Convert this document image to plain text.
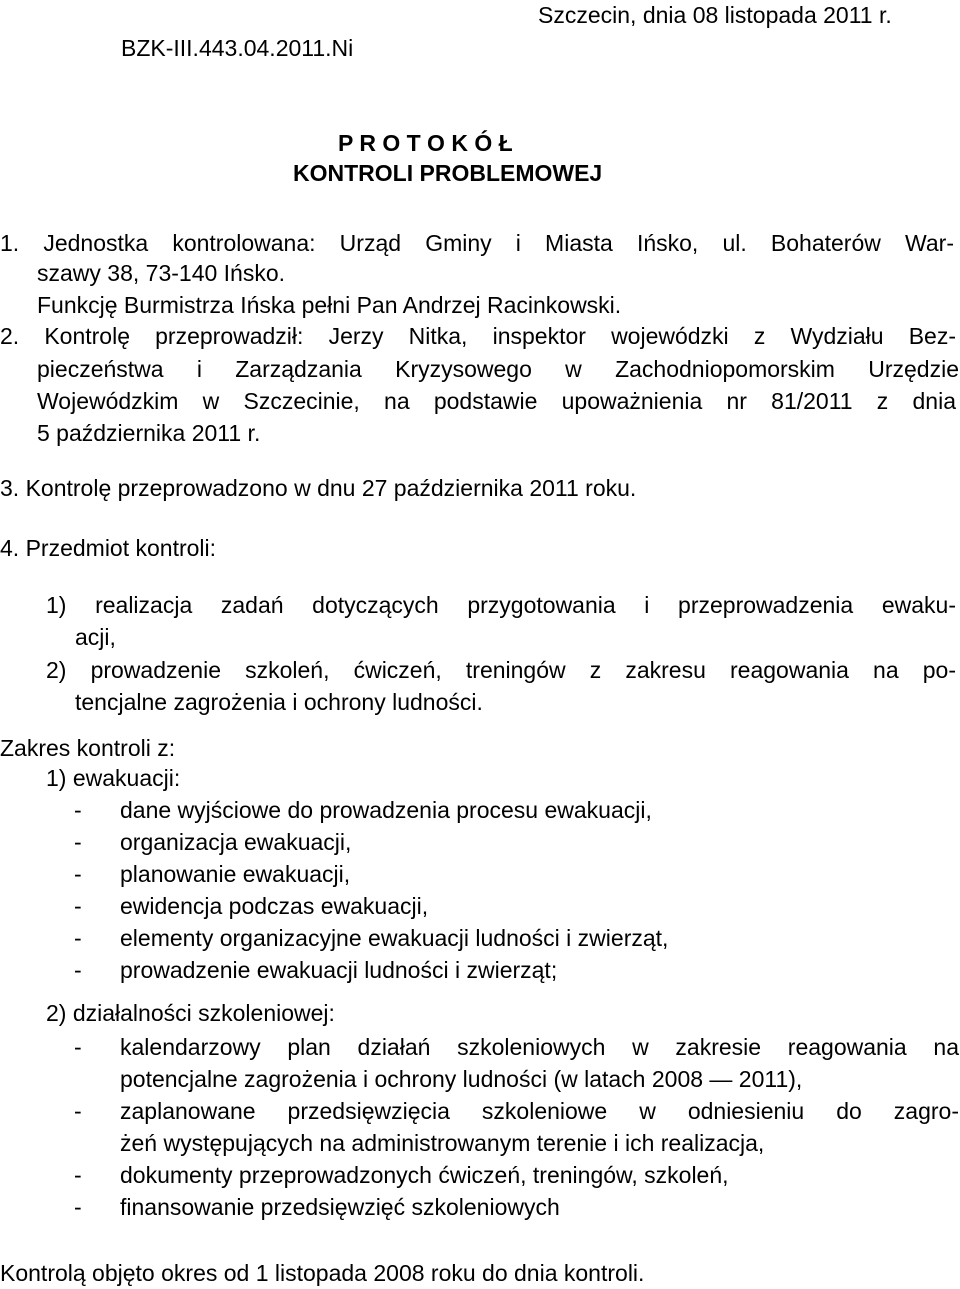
BZK-III.443.04.2011.Ni
Szczecin, dnia 08 listopada 2011 r.
P R O T O K Ó Ł
KONTROLI PROBLEMOWEJ
1. Jednostka kontrolowana: Urząd Gminy i Miasta Ińsko, ul. Bohaterów War-
szawy 38, 73-140 Ińsko.
Funkcję Burmistrza Ińska pełni Pan Andrzej Racinkowski.
2. Kontrolę przeprowadził: Jerzy Nitka, inspektor wojewódzki z Wydziału Bez-
pieczeństwa i Zarządzania Kryzysowego w Zachodniopomorskim Urzędzie
Wojewódzkim w Szczecinie, na podstawie upoważnienia nr 81/2011 z dnia
5 października 2011 r.
3. Kontrolę przeprowadzono w dnu 27 października 2011 roku.
4. Przedmiot kontroli:
1) realizacja zadań dotyczących przygotowania i przeprowadzenia ewaku-
acji,
2) prowadzenie szkoleń, ćwiczeń, treningów z zakresu reagowania na po-
tencjalne zagrożenia i ochrony ludności.
Zakres kontroli z:
1) ewakuacji:
- dane wyjściowe do prowadzenia procesu ewakuacji,
- organizacja ewakuacji,
- planowanie ewakuacji,
- ewidencja podczas ewakuacji,
- elementy organizacyjne ewakuacji ludności i zwierząt,
- prowadzenie ewakuacji ludności i zwierząt;
2) działalności szkoleniowej:
- kalendarzowy plan działań szkoleniowych w zakresie reagowania na
potencjalne zagrożenia i ochrony ludności (w latach 2008 — 2011),
- zaplanowane przedsięwzięcia szkoleniowe w odniesieniu do zagro-
żeń występujących na administrowanym terenie i ich realizacja,
- dokumenty przeprowadzonych ćwiczeń, treningów, szkoleń,
- finansowanie przedsięwzięć szkoleniowych
Kontrolą objęto okres od 1 listopada 2008 roku do dnia kontroli.
